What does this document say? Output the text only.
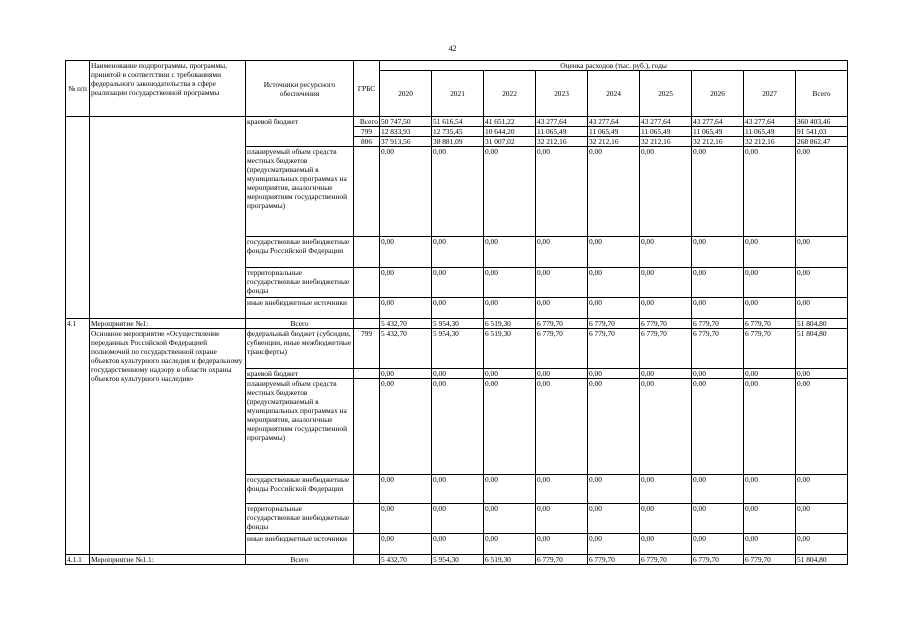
42
№ п/п	Наименование подпрограммы, программы, принятой в соответствии с требованиями федерального законодательства в сфере реализации государственной программы	Источники ресурсного обеспечения	ГРБС	Оценка расходов (тыс. руб.), годы								
				2020	2021	2022	2023	2024	2025	2026	2027	Всего
		краевой бюджет	Всего	50 747,50	51 616,54	41 651,22	43 277,64	43 277,64	43 277,64	43 277,64	43 277,64	360 403,46
			799	12 833,93	12 735,45	10 644,20	11 065,49	11 065,49	11 065,49	11 065,49	11 065,49	91 541,03
			806	37 913,56	38 881,09	31 007,02	32 212,16	32 212,16	32 212,16	32 212,16	32 212,16	268 862,47
		планируемый объем средств местных бюджетов (предусматриваемый в муниципальных программах на мероприятия, аналогичные мероприятиям государственной программы)		0,00	0,00	0,00	0,00	0,00	0,00	0,00	0,00	0,00
		государственные внебюджетные фонды Российской Федерации		0,00	0,00	0,00	0,00	0,00	0,00	0,00	0,00	0,00
		территориальные государственные внебюджетные фонды		0,00	0,00	0,00	0,00	0,00	0,00	0,00	0,00	0,00
		иные внебюджетные источники		0,00	0,00	0,00	0,00	0,00	0,00	0,00	0,00	0,00
4.1	Мероприятие №1:	Всего		5 432,70	5 954,30	6 519,30	6 779,70	6 779,70	6 779,70	6 779,70	6 779,70	51 804,80
	Основное мероприятие «Осуществление переданных Российской Федерацией полномочий по государственной охране объектов культурного наследия и федеральному государственному надзору в области охраны объектов культурного наследия»	федеральный бюджет (субсидии, субвенции, иные межбюджетные трансферты)	799	5 432,70	5 954,30	6 519,30	6 779,70	6 779,70	6 779,70	6 779,70	6 779,70	51 804,80
		краевой бюджет		0,00	0,00	0,00	0,00	0,00	0,00	0,00	0,00	0,00
		планируемый объем средств местных бюджетов (предусматриваемый в муниципальных программах на мероприятия, аналогичные мероприятиям государственной программы)		0,00	0,00	0,00	0,00	0,00	0,00	0,00	0,00	0,00
		государственные внебюджетные фонды Российской Федерации		0,00	0,00	0,00	0,00	0,00	0,00	0,00	0,00	0,00
		территориальные государственные внебюджетные фонды		0,00	0,00	0,00	0,00	0,00	0,00	0,00	0,00	0,00
		иные внебюджетные источники		0,00	0,00	0,00	0,00	0,00	0,00	0,00	0,00	0,00
4.1.1	Мероприятие №1.1:	Всего		5 432,70	5 954,30	6 519,30	6 779,70	6 779,70	6 779,70	6 779,70	6 779,70	51 804,80
